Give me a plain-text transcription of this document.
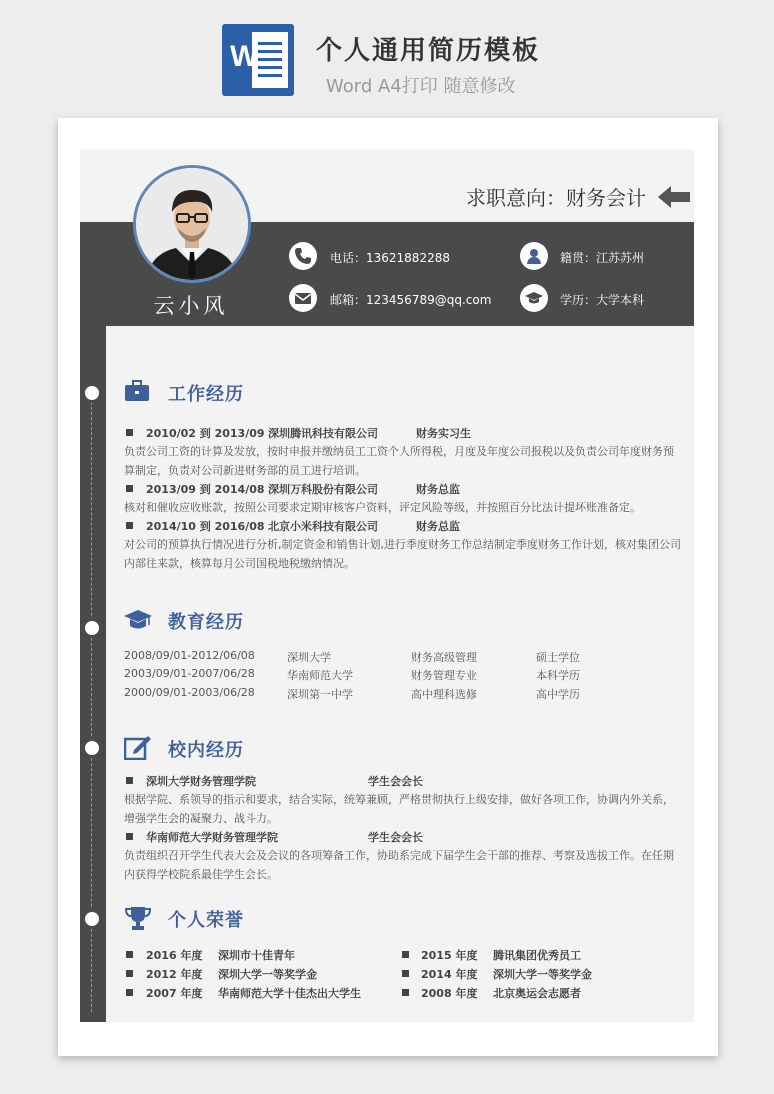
W 个人通用简历模板
Word A4打印 随意修改
云小风
求职意向：财务会计
电话：13621882288	籍贯：江苏苏州
邮箱：123456789@qq.com	学历：大学本科
工作经历
2010/02 到 2013/09 深圳腾讯科技有限公司	财务实习生
负责公司工资的计算及发放，按时申报并缴纳员工工资个人所得税，月度及年度公司报税以及负责公司年度财务预算制定，负责对公司新进财务部的员工进行培训。
2013/09 到 2014/08 深圳万科股份有限公司	财务总监
核对和催收应收账款，按照公司要求定期审核客户资料，评定风险等级，并按照百分比法计提坏账准备定。
2014/10 到 2016/08 北京小米科技有限公司	财务总监
对公司的预算执行情况进行分析,制定资金和销售计划,进行季度财务工作总结制定季度财务工作计划，核对集团公司内部往来款，核算每月公司国税地税缴纳情况。
教育经历
2008/09/01-2012/06/08	深圳大学	财务高级管理	硕士学位
2003/09/01-2007/06/28	华南师范大学	财务管理专业	本科学历
2000/09/01-2003/06/28	深圳第一中学	高中理科选修	高中学历
校内经历
深圳大学财务管理学院	学生会会长
根据学院、系领导的指示和要求，结合实际，统筹兼顾，严格贯彻执行上级安排，做好各项工作，协调内外关系，增强学生会的凝聚力、战斗力。
华南师范大学财务管理学院	学生会会长
负责组织召开学生代表大会及会议的各项筹备工作，协助系完成下届学生会干部的推荐、考察及选拔工作。在任期内获得学校院系最佳学生会长。
个人荣誉
2016 年度 深圳市十佳青年
2012 年度 深圳大学一等奖学金
2007 年度 华南师范大学十佳杰出大学生
2015 年度 腾讯集团优秀员工
2014 年度 深圳大学一等奖学金
2008 年度 北京奥运会志愿者
